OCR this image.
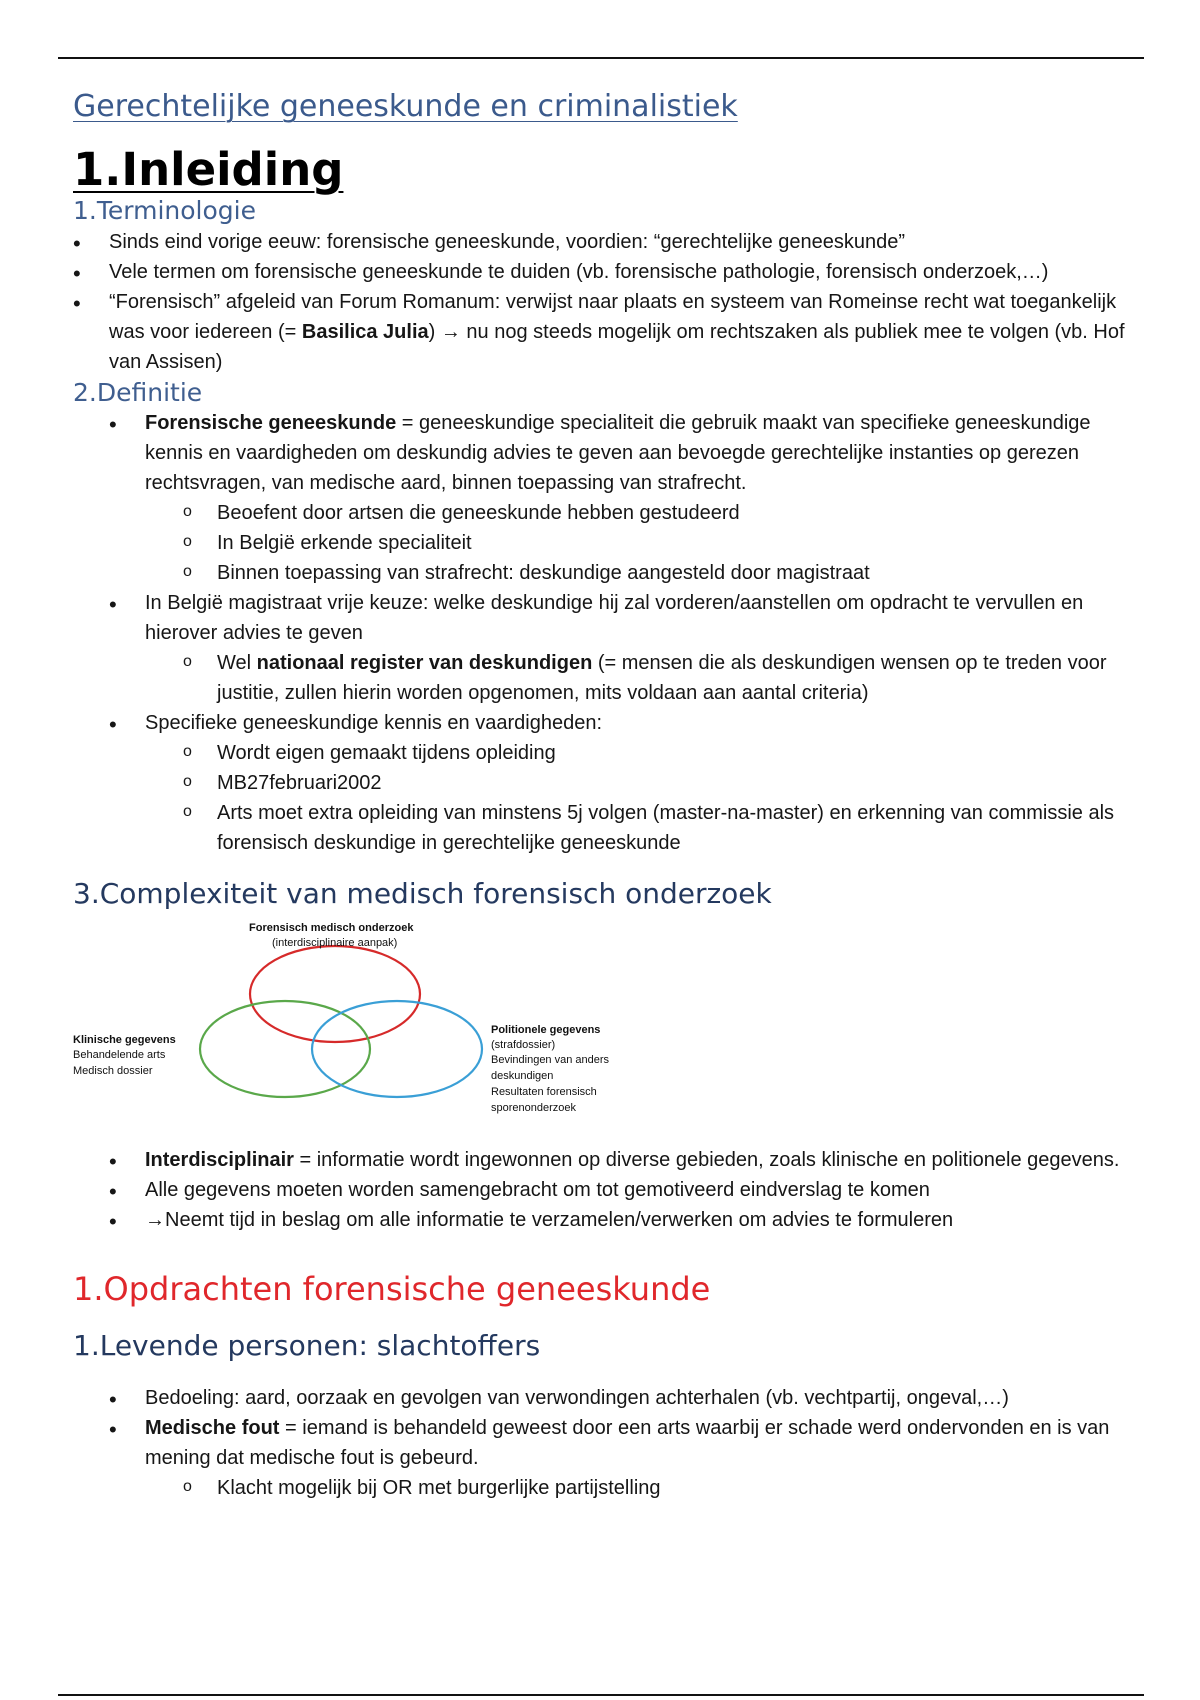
Gerechtelijke geneeskunde en criminalistiek
1.Inleiding
1.Terminologie
• Sinds eind vorige eeuw: forensische geneeskunde, voordien: “gerechtelijke geneeskunde”
• Vele termen om forensische geneeskunde te duiden (vb. forensische pathologie, forensisch onderzoek,…)
• “Forensisch” afgeleid van Forum Romanum: verwijst naar plaats en systeem van Romeinse recht wat toegankelijk was voor iedereen (= Basilica Julia) → nu nog steeds mogelijk om rechtszaken als publiek mee te volgen (vb. Hof van Assisen)
2.Definitie
• Forensische geneeskunde = geneeskundige specialiteit die gebruik maakt van specifieke geneeskundige kennis en vaardigheden om deskundig advies te geven aan bevoegde gerechtelijke instanties op gerezen rechtsvragen, van medische aard, binnen toepassing van strafrecht.
o Beoefent door artsen die geneeskunde hebben gestudeerd
o In België erkende specialiteit
o Binnen toepassing van strafrecht: deskundige aangesteld door magistraat
• In België magistraat vrije keuze: welke deskundige hij zal vorderen/aanstellen om opdracht te vervullen en hierover advies te geven
o Wel nationaal register van deskundigen (= mensen die als deskundigen wensen op te treden voor justitie, zullen hierin worden opgenomen, mits voldaan aan aantal criteria)
• Specifieke geneeskundige kennis en vaardigheden:
o Wordt eigen gemaakt tijdens opleiding
o MB27februari2002
o Arts moet extra opleiding van minstens 5j volgen (master-na-master) en erkenning van commissie als forensisch deskundige in gerechtelijke geneeskunde
3.Complexiteit van medisch forensisch onderzoek
Forensisch medisch onderzoek
(interdisciplinaire aanpak)
Klinische gegevens
Behandelende arts
Medisch dossier
Politionele gegevens
(strafdossier)
Bevindingen van anders deskundigen
Resultaten forensisch sporenonderzoek
• Interdisciplinair = informatie wordt ingewonnen op diverse gebieden, zoals klinische en politionele gegevens.
• Alle gegevens moeten worden samengebracht om tot gemotiveerd eindverslag te komen
• →Neemt tijd in beslag om alle informatie te verzamelen/verwerken om advies te formuleren
1.Opdrachten forensische geneeskunde
1.Levende personen: slachtoffers
• Bedoeling: aard, oorzaak en gevolgen van verwondingen achterhalen (vb. vechtpartij, ongeval,…)
• Medische fout = iemand is behandeld geweest door een arts waarbij er schade werd ondervonden en is van mening dat medische fout is gebeurd.
o Klacht mogelijk bij OR met burgerlijke partijstelling
